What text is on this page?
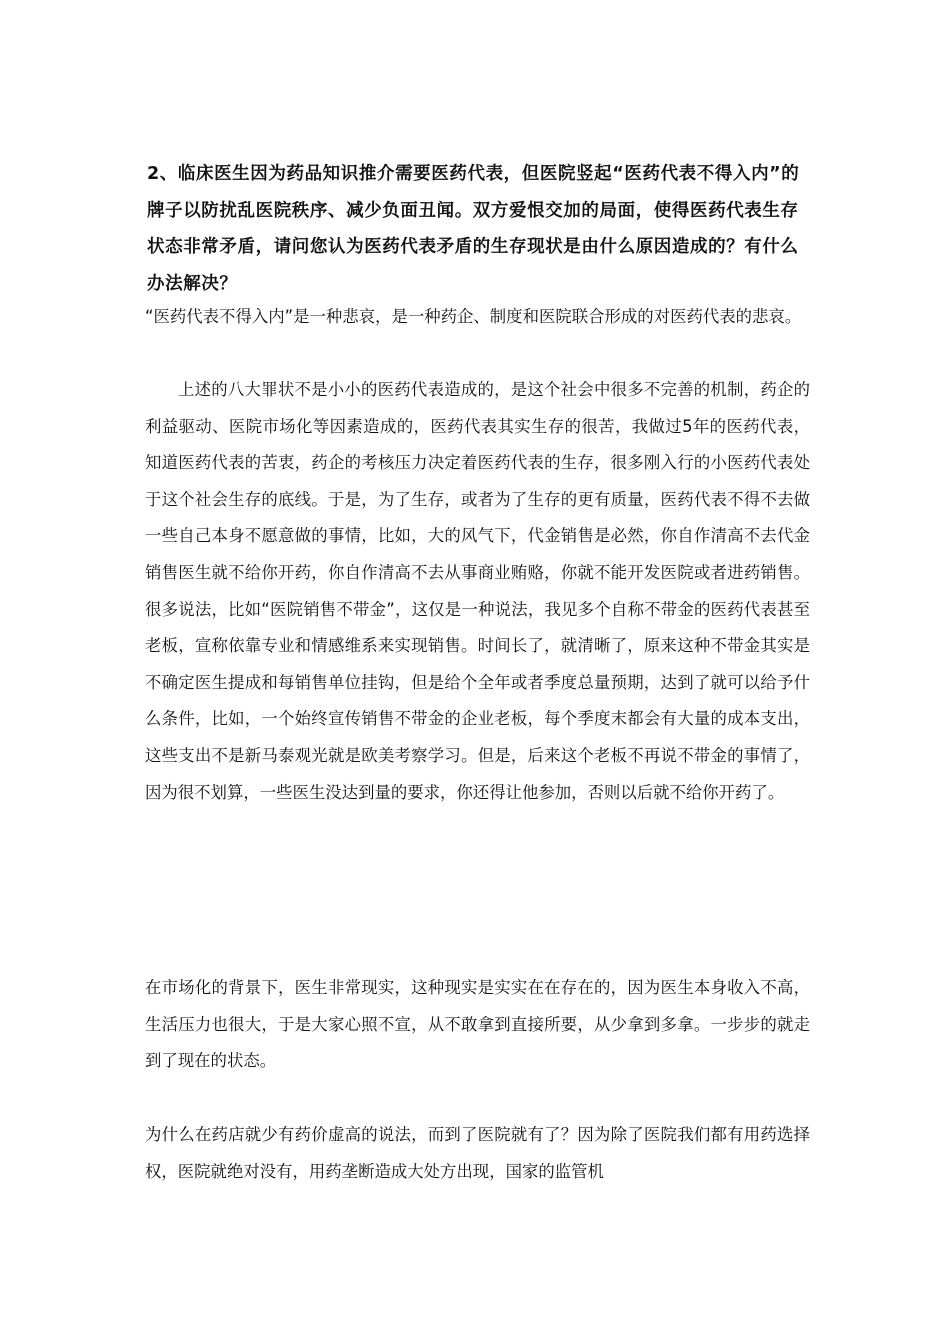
2、临床医生因为药品知识推介需要医药代表，但医院竖起“医药代表不得入内”的牌子以防扰乱医院秩序、减少负面丑闻。双方爱恨交加的局面，使得医药代表生存状态非常矛盾，请问您认为医药代表矛盾的生存现状是由什么原因造成的？有什么办法解决？

“医药代表不得入内”是一种悲哀，是一种药企、制度和医院联合形成的对医药代表的悲哀。

上述的八大罪状不是小小的医药代表造成的，是这个社会中很多不完善的机制，药企的利益驱动、医院市场化等因素造成的，医药代表其实生存的很苦，我做过5年的医药代表，知道医药代表的苦衷，药企的考核压力决定着医药代表的生存，很多刚入行的小医药代表处于这个社会生存的底线。于是，为了生存，或者为了生存的更有质量，医药代表不得不去做一些自己本身不愿意做的事情，比如，大的风气下，代金销售是必然，你自作清高不去代金销售医生就不给你开药，你自作清高不去从事商业贿赂，你就不能开发医院或者进药销售。很多说法，比如“医院销售不带金”，这仅是一种说法，我见多个自称不带金的医药代表甚至老板，宣称依靠专业和情感维系来实现销售。时间长了，就清晰了，原来这种不带金其实是不确定医生提成和每销售单位挂钩，但是给个全年或者季度总量预期，达到了就可以给予什么条件，比如，一个始终宣传销售不带金的企业老板，每个季度末都会有大量的成本支出，这些支出不是新马泰观光就是欧美考察学习。但是，后来这个老板不再说不带金的事情了，因为很不划算，一些医生没达到量的要求，你还得让他参加，否则以后就不给你开药了。

在市场化的背景下，医生非常现实，这种现实是实实在在存在的，因为医生本身收入不高，生活压力也很大，于是大家心照不宣，从不敢拿到直接所要，从少拿到多拿。一步步的就走到了现在的状态。

为什么在药店就少有药价虚高的说法，而到了医院就有了？因为除了医院我们都有用药选择权，医院就绝对没有，用药垄断造成大处方出现，国家的监管机
